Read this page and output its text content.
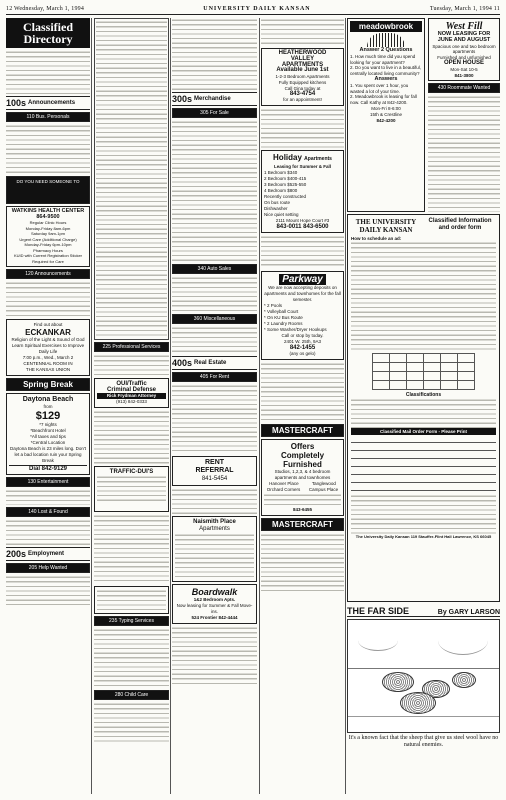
12 Wednesday, March 1, 1994	UNIVERSITY DAILY KANSAN	Tuesday, March 1, 1994 11
Classified Directory
100s Announcements
110 Bus. Personals
DO YOU NEED SOMEONE TO
WATKINS HEALTH CENTER
864-9500
Regular Clinic Hours
Monday-Friday 8am-6pm
Saturday 9am-1pm
Urgent Care (Additional Charge)
Monday-Friday 6pm-10pm
Pharmacy Hours
KUID with Current Registration Sticker Required for Care
120 Announcements
Find out about
ECKANKAR
Religion of the Light & Sound of God
Learn Spiritual Exercises to Improve Daily Life
7:00 p.m., Wed., March 2
CENTENNIAL ROOM IN
THE KANSAS UNION
Spring Break
Daytona Beach
from
$129
*7 nights
*Beachfront Hotel
*All taxes and tips
*Central Location
Daytona Beach is 23 miles long. Don't let a bad location ruin your Spring Break
Dial 842-9129
130 Entertainment
140 Lost & Found
200s Employment
205 Help Wanted
225 Professional Services
OUI/Traffic
Criminal Defense
Rick Frydman Attorney
(913) 842-0333
TRAFFIC-DUI'S
235 Typing Services
280 Child Care
300s Merchandise
305 For Sale
340 Auto Sales
360 Miscellaneous
400s Real Estate
405 For Rent
RENT
REFERRAL
841-5454
Naismith Place
Apartments
Boardwalk
1&2 Bedroom Apts.
Now leasing for Summer & Fall Move-ins.
524 Frontier 842-4444
HEATHERWOOD
VALLEY
APARTMENTS
Available June 1st
1-2-3 Bedroom Apartments
Fully Equipped kitchens
Call Gina today at
843-4754
for an appointment!
Holiday Apartments
Leasing for Summer & Fall
1 Bedroom $340
2 Bedroom $400-415
3 Bedroom $525-550
4 Bedroom $800
Recently constructed
On bus route
Dishwasher
Nice quiet setting
2111 Mount Hope Court #3
843-0011 843-6500
Parkway
We are now accepting deposits on apartments and townhomes for the fall semester.
* 2 Pools
* Volleyball Court
* On KU Bus Route
* 2 Laundry Rooms
* Some Washer/Dryer Hookups
Call or stop by today.
2401 W. 25th, 9A3
842-1455
(any os gelo)
MASTERCRAFT
Offers
Completely
Furnished
Studios, 1,2,3, & 4 bedroom apartments and townhomes
Hanover Place	Tanglewood
Orchard Corners Campus Place
843-6455
MASTERCRAFT
meadowbrook
Answer 2 Questions
1. How much time did you spend looking for your apartment?
2. Do you want to live in a beautiful, centrally located living community?
Answers
1. You spent over 1 hour, you wasted a lot of your time.
2. Meadowbrook is leasing for fall now. Call Kathy at 842-4200.
Mon-Fri 8-6:00
15th & Crestline
842-4200
West Fill
NOW LEASING FOR JUNE AND AUGUST
Spacious one and two bedroom apartments
Furnished and unfurnished
OPEN HOUSE
Mon-Sat 10-5
841-3800
430 Roommate Wanted
THE UNIVERSITY DAILY KANSAN
Classified Information and order form
How to schedule an ad:

Classifications
Classified Mail Order Form - Please Print
The University Daily Kansan 119 Stauffer-Flint Hall Lawrence, KS 66045
THE FAR SIDE	By GARY LARSON
It's a known fact that the sheep that give us steel wool have no natural enemies.
